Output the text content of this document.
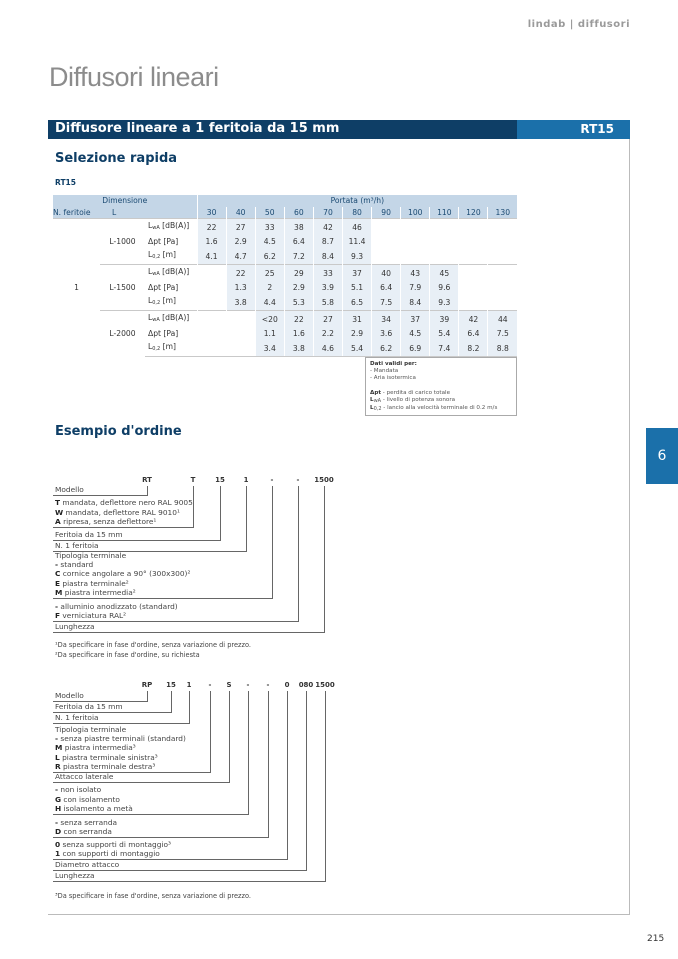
lindab | diffusori
Diffusori lineari
Diffusore lineare a 1 feritoia da 15 mm	RT15
Selezione rapida
RT15
Dimensione			Portata (m³/h)										
N. feritoie	L		30	40	50	60	70	80	90	100	110	120	130
1	L-1000	$L_{wA}$ [dB(A)]	22	27	33	38	42	46					
		Δpt [Pa]	1.6	2.9	4.5	6.4	8.7	11.4					
		$L_{0,2}$ [m]	4.1	4.7	6.2	7.2	8.4	9.3					
	L-1500	$L_{wA}$ [dB(A)]		22	25	29	33	37	40	43	45		
		Δpt [Pa]		1.3	2	2.9	3.9	5.1	6.4	7.9	9.6		
		$L_{0,2}$ [m]		3.8	4.4	5.3	5.8	6.5	7.5	8.4	9.3		
	L-2000	$L_{wA}$ [dB(A)]			<20	22	27	31	34	37	39	42	44
		Δpt [Pa]			1.1	1.6	2.2	2.9	3.6	4.5	5.4	6.4	7.5
		$L_{0,2}$ [m]			3.4	3.8	4.6	5.4	6.2	6.9	7.4	8.2	8.8
Dati validi per:
- Mandata
- Aria isotermica

Δpt - perdita di carico totale
$L_{wA}$ - livello di potenza sonora
$L_{0,2}$ - lancio alla velocità terminale di 0.2 m/s
Esempio d'ordine
RT	T	15	1	-	- 1500
Modello
T mandata, deflettore nero RAL 9005
W mandata, deflettore RAL 9010¹
A ripresa, senza deflettore¹
Feritoia da 15 mm
N. 1 feritoia
Tipologia terminale
- standard
C cornice angolare a 90° (300x300)²
E piastra terminale²
M piastra intermedia²
- alluminio anodizzato (standard)
F verniciatura RAL²
Lunghezza
¹Da specificare in fase d'ordine, senza variazione di prezzo.
²Da specificare in fase d'ordine, su richiesta
RP 15 1 - S - - 0 080 1500
Modello
Feritoia da 15 mm
N. 1 feritoia
Tipologia terminale
- senza piastre terminali (standard)
M piastra intermedia³
L piastra terminale sinistra³
R piastra terminale destra³
Attacco laterale
- non isolato
G con isolamento
H isolamento a metà
- senza serranda
D con serranda
0 senza supporti di montaggio³
1 con supporti di montaggio
Diametro attacco
Lunghezza
³Da specificare in fase d'ordine, senza variazione di prezzo.
6
215
